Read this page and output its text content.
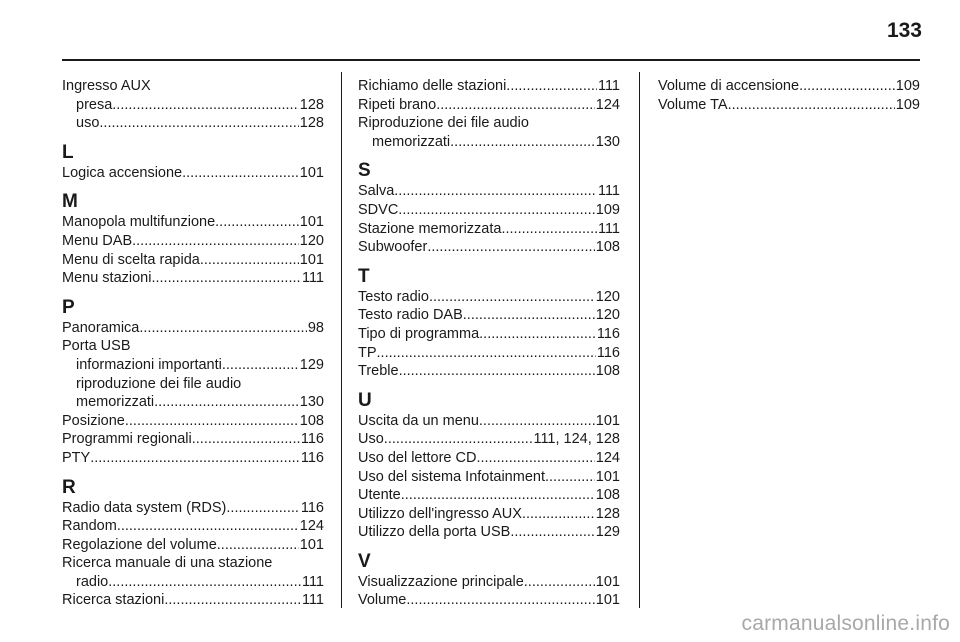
133
Ingresso AUX
presa .....	128
uso .....	128
L
Logica accensione .....	101
M
Manopola multifunzione .....	101
Menu DAB .....	120
Menu di scelta rapida .....	101
Menu stazioni .....	111
P
Panoramica .....	98
Porta USB
informazioni importanti .....	129
riproduzione dei file audio
memorizzati .....	130
Posizione .....	108
Programmi regionali .....	116
PTY .....	116
R
Radio data system (RDS) .....	116
Random .....	124
Regolazione del volume .....	101
Ricerca manuale di una stazione
radio .....	111
Ricerca stazioni .....	111
Richiamo delle stazioni .....	111
Ripeti brano .....	124
Riproduzione dei file audio
memorizzati .....	130
S
Salva .....	111
SDVC .....	109
Stazione memorizzata .....	111
Subwoofer .....	108
T
Testo radio .....	120
Testo radio DAB .....	120
Tipo di programma .....	116
TP .....	116
Treble .....	108
U
Uscita da un menu .....	101
Uso .....	111, 124, 128
Uso del lettore CD .....	124
Uso del sistema Infotainment .....	101
Utente .....	108
Utilizzo dell'ingresso AUX .....	128
Utilizzo della porta USB .....	129
V
Visualizzazione principale .....	101
Volume .....	101
Volume di accensione .....	109
Volume TA .....	109
carmanualsonline.info
